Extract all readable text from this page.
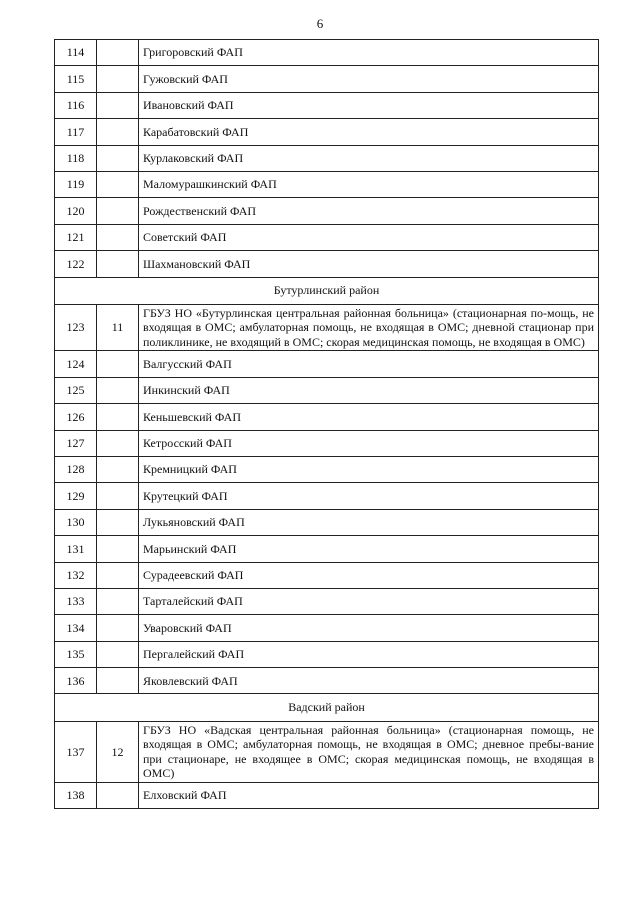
6
114		Григоровский ФАП
115		Гужовский ФАП
116		Ивановский ФАП
117		Карабатовский ФАП
118		Курлаковский ФАП
119		Маломурашкинский ФАП
120		Рождественский ФАП
121		Советский ФАП
122		Шахмановский ФАП
Бутурлинский район		
123	11	ГБУЗ НО «Бутурлинская центральная районная больница» (стационарная по-мощь, не входящая в ОМС; амбулаторная помощь, не входящая в ОМС; дневной стационар при поликлинике, не входящий в ОМС; скорая медицинская помощь, не входящая в ОМС)
124		Валгусский ФАП
125		Инкинский ФАП
126		Кеньшевский ФАП
127		Кетросский ФАП
128		Кремницкий ФАП
129		Крутецкий ФАП
130		Лукьяновский ФАП
131		Марьинский ФАП
132		Сурадеевский ФАП
133		Тарталейский ФАП
134		Уваровский ФАП
135		Пергалейский ФАП
136		Яковлевский ФАП
Вадский район		
137	12	ГБУЗ НО «Вадская центральная районная больница» (стационарная помощь, не входящая в ОМС; амбулаторная помощь, не входящая в ОМС; дневное пребы-вание при стационаре, не входящее в ОМС; скорая медицинская помощь, не входящая в ОМС)
138		Елховский ФАП
